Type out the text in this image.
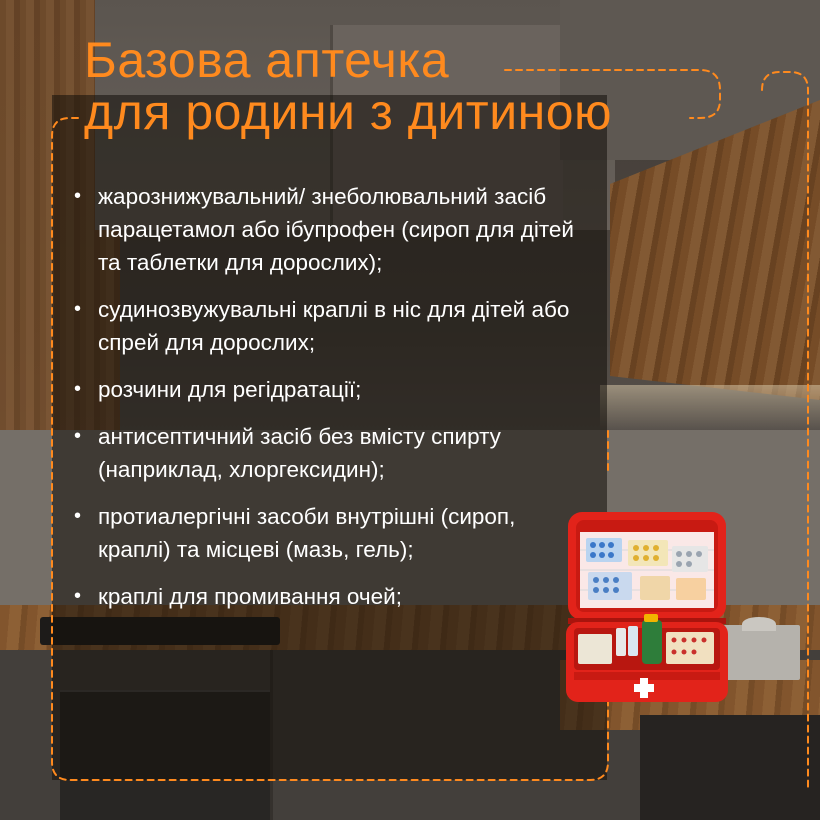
Базова аптечка
для родини з дитиною
• жарознижувальний/ знеболювальний засіб парацетамол або ібупрофен (сироп для дітей та таблетки для дорослих);
• судинозвужувальні краплі в ніс для дітей або спрей для дорослих;
• розчини для регідратації;
• антисептичний засіб без вмісту спирту (наприклад, хлоргексидин);
• протиалергічні засоби внутрішні (сироп, краплі) та місцеві (мазь, гель);
• краплі для промивання очей;
